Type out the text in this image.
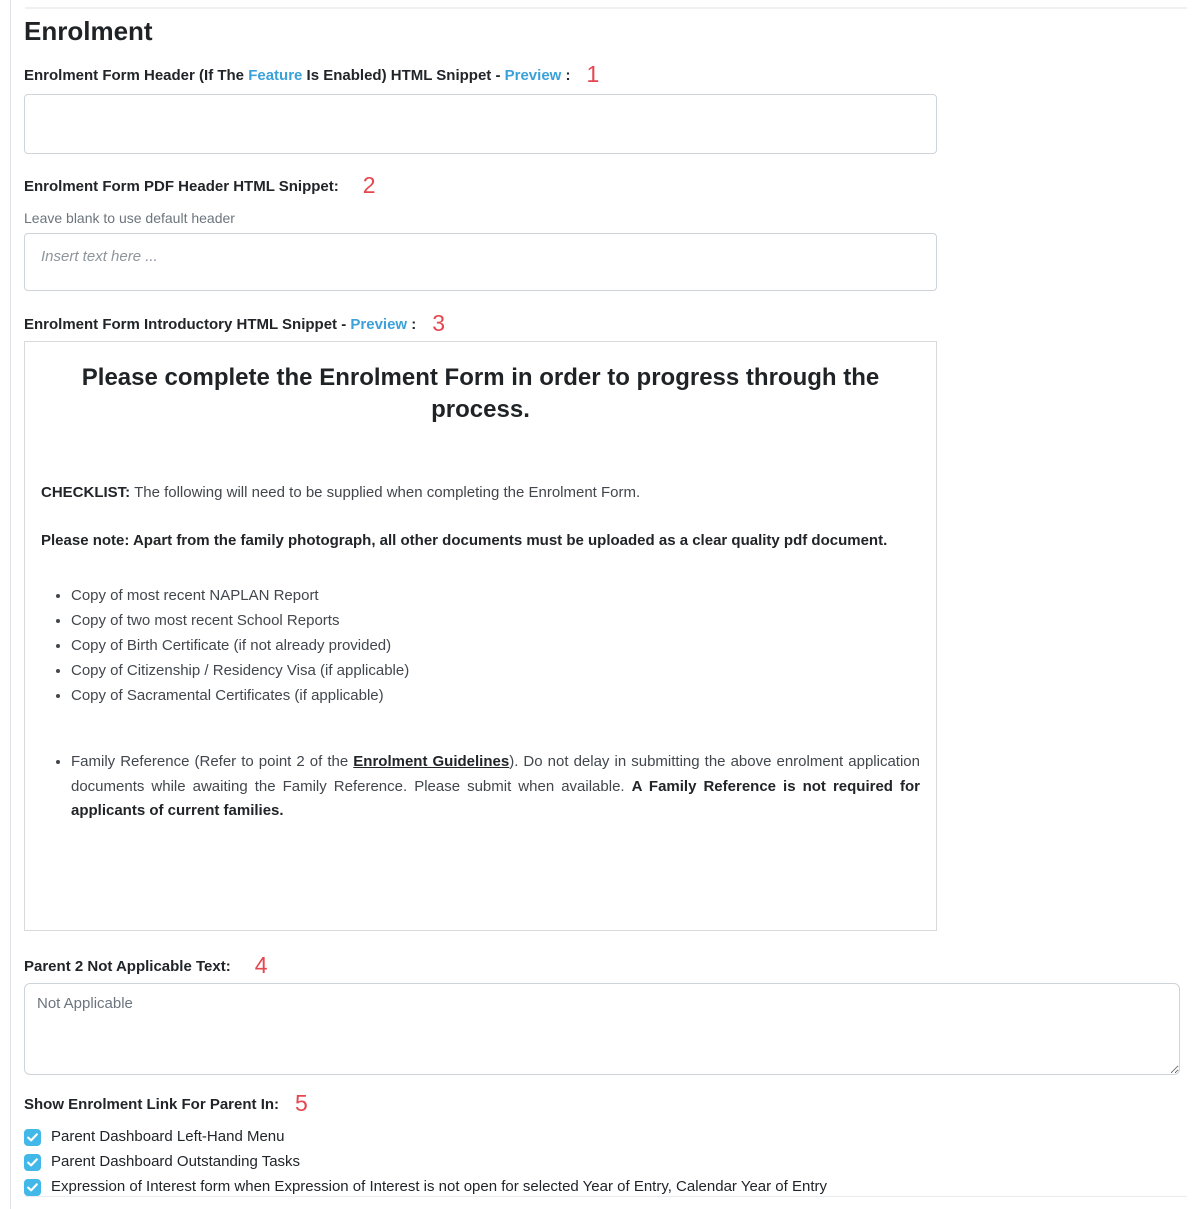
Enrolment
Enrolment Form Header (If The Feature Is Enabled) HTML Snippet - Preview : 1
Enrolment Form PDF Header HTML Snippet: 2
Leave blank to use default header
Insert text here ...
Enrolment Form Introductory HTML Snippet - Preview : 3
Please complete the Enrolment Form in order to progress through the process.

CHECKLIST: The following will need to be supplied when completing the Enrolment Form.

Please note: Apart from the family photograph, all other documents must be uploaded as a clear quality pdf document.

• Copy of most recent NAPLAN Report
• Copy of two most recent School Reports
• Copy of Birth Certificate (if not already provided)
• Copy of Citizenship / Residency Visa (if applicable)
• Copy of Sacramental Certificates (if applicable)
• Family Reference (Refer to point 2 of the Enrolment Guidelines). Do not delay in submitting the above enrolment application documents while awaiting the Family Reference. Please submit when available. A Family Reference is not required for applicants of current families.
Parent 2 Not Applicable Text: 4
Not Applicable
Show Enrolment Link For Parent In: 5
Parent Dashboard Left-Hand Menu
Parent Dashboard Outstanding Tasks
Expression of Interest form when Expression of Interest is not open for selected Year of Entry, Calendar Year of Entry
